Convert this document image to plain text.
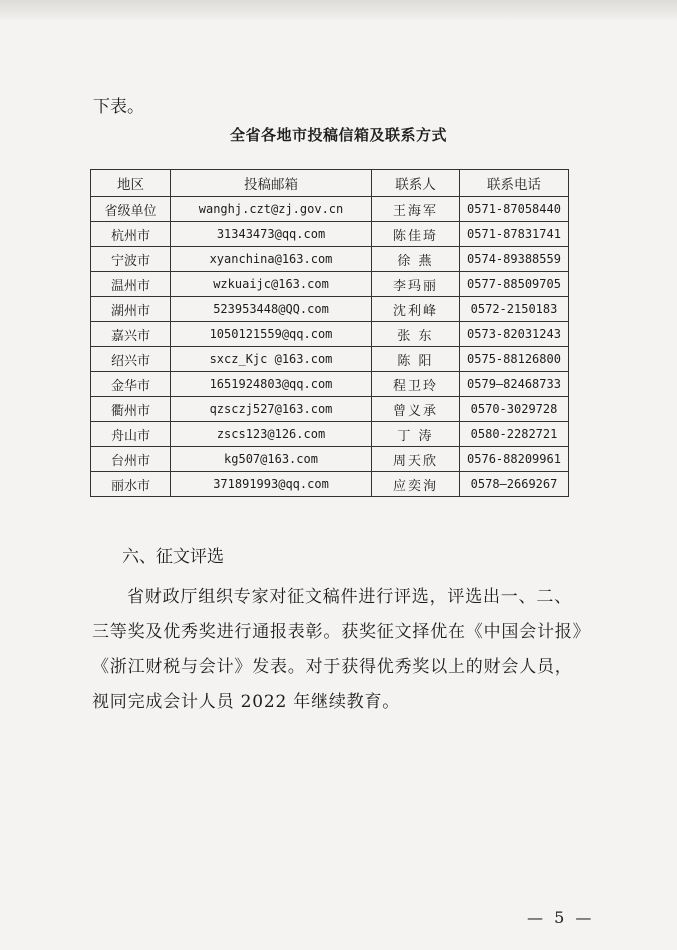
下表。
全省各地市投稿信箱及联系方式
地区	投稿邮箱	联系人	联系电话
省级单位	wanghj.czt@zj.gov.cn	王海军	0571-87058440
杭州市	31343473@qq.com	陈佳琦	0571-87831741
宁波市	xyanchina@163.com	徐 燕	0574-89388559
温州市	wzkuaijc@163.com	李玛丽	0577-88509705
湖州市	523953448@QQ.com	沈利峰	0572-2150183
嘉兴市	1050121559@qq.com	张 东	0573-82031243
绍兴市	sxcz_Kjc @163.com	陈 阳	0575-88126800
金华市	1651924803@qq.com	程卫玲	0579—82468733
衢州市	qzsczj527@163.com	曾义承	0570-3029728
舟山市	zscs123@126.com	丁 涛	0580-2282721
台州市	kg507@163.com	周天欣	0576-88209961
丽水市	371891993@qq.com	应奕洵	0578—2669267
六、征文评选
省财政厅组织专家对征文稿件进行评选，评选出一、二、
三等奖及优秀奖进行通报表彰。获奖征文择优在《中国会计报》
《浙江财税与会计》发表。对于获得优秀奖以上的财会人员，
视同完成会计人员 2022 年继续教育。
— 5 —
